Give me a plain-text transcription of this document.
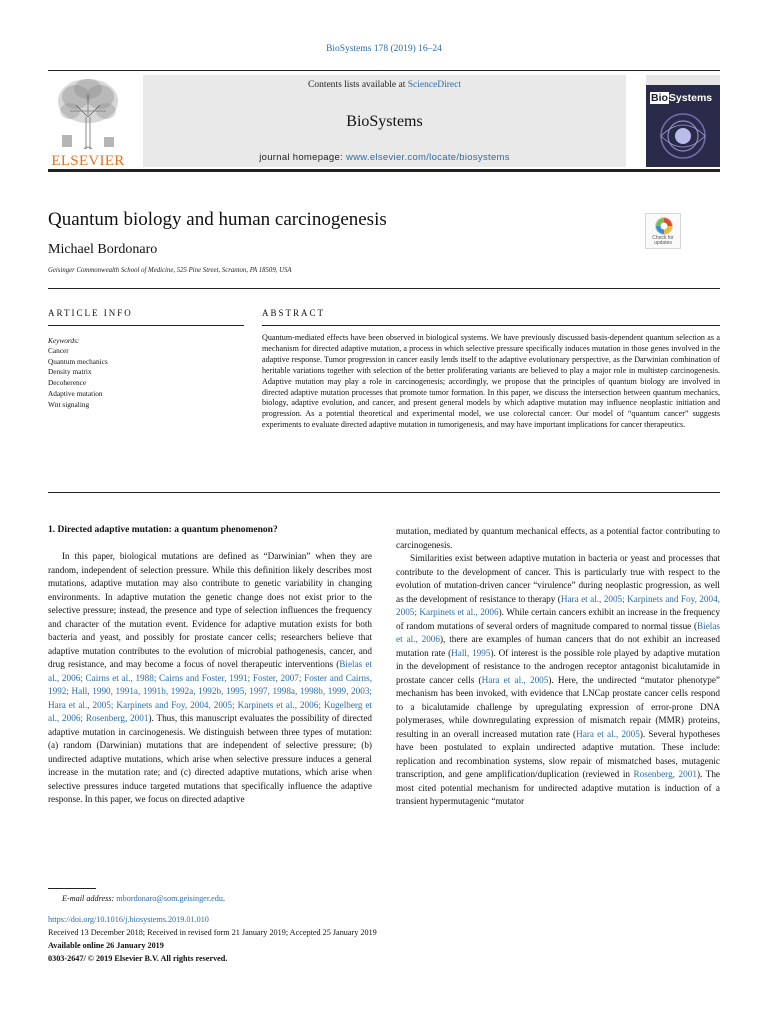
BioSystems 178 (2019) 16–24
ELSEVIER
Contents lists available at ScienceDirect
BioSystems
journal homepage: www.elsevier.com/locate/biosystems
BioSystems
Quantum biology and human carcinogenesis
Check for
updates
Michael Bordonaro
Geisinger Commonwealth School of Medicine, 525 Pine Street, Scranton, PA 18509, USA
ARTICLE INFO
Keywords:
Cancer
Quantum mechanics
Density matrix
Decoherence
Adaptive mutation
Wnt signaling
ABSTRACT

Quantum-mediated effects have been observed in biological systems. We have previously discussed basis-dependent quantum selection as a mechanism for directed adaptive mutation, a process in which selective pressure specifically induces mutation in those genes involved in the adaptive response. Tumor progression in cancer easily lends itself to the adaptive evolutionary perspective, as the Darwinian combination of heritable variations together with selection of the better proliferating variants are believed to play a major role in multistep carcinogenesis. Adaptive mutation may play a role in carcinogenesis; accordingly, we propose that the principles of quantum biology are involved in directed adaptive mutation processes that promote tumor formation. In this paper, we discuss the intersection between quantum mechanics, biology, adaptive evolution, and cancer, and present general models by which adaptive mutation may influence neoplastic initiation and progression. As a potential theoretical and experimental model, we use colorectal cancer. Our model of “quantum cancer” suggests experiments to evaluate directed adaptive mutation in tumorigenesis, and may have important implications for cancer therapeutics.

1. Directed adaptive mutation: a quantum phenomenon?

In this paper, biological mutations are defined as “Darwinian” when they are random, independent of selection pressure. While this definition likely describes most mutations, adaptive mutation may also contribute to genetic variability in changing environments. In adaptive mutation the genetic change does not exist prior to the selective pressure; instead, the presence and type of selection influences the frequency and character of the mutation event. Evidence for adaptive mutation exists for both bacteria and yeast, and possibly for prostate cancer cells; researchers believe that adaptive mutation contributes to the evolution of microbial pathogenesis, cancer, and drug resistance, and may become a focus of novel therapeutic interventions (Bielas et al., 2006; Cairns et al., 1988; Cairns and Foster, 1991; Foster, 2007; Foster and Cairns, 1992; Hall, 1990, 1991a, 1991b, 1992a, 1992b, 1995, 1997, 1998a, 1998b, 1999, 2003; Hara et al., 2005; Karpinets and Foy, 2004, 2005; Karpinets et al., 2006; Kugelberg et al., 2006; Rosenberg, 2001). Thus, this manuscript evaluates the possibility of directed adaptive mutation in carcinogenesis. We distinguish between three types of mutation: (a) random (Darwinian) mutations that are independent of selective pressure; (b) undirected adaptive mutations, which arise when selective pressure induces a general increase in the mutation rate; and (c) directed adaptive mutations, which arise when selective pressures induce targeted mutations that specifically influence the adaptive response. In this paper, we focus on directed adaptive

mutation, mediated by quantum mechanical effects, as a potential factor contributing to carcinogenesis.

Similarities exist between adaptive mutation in bacteria or yeast and processes that contribute to the development of cancer. This is particularly true with respect to the evolution of mutation-driven cancer “virulence” during neoplastic progression, as well as the development of resistance to therapy (Hara et al., 2005; Karpinets and Foy, 2004, 2005; Karpinets et al., 2006). While certain cancers exhibit an increase in the frequency of random mutations of several orders of magnitude compared to normal tissue (Bielas et al., 2006), there are examples of human cancers that do not exhibit an increased mutation rate (Hall, 1995). Of interest is the possible role played by adaptive mutation in the development of resistance to the androgen receptor antagonist bicalutamide in prostate cancer cells (Hara et al., 2005). Here, the undirected “mutator phenotype” mechanism has been invoked, with evidence that LNCap prostate cancer cells respond to a bicalutamide challenge by upregulating expression of error-prone DNA polymerases, while downregulating expression of mismatch repair (MMR) proteins, resulting in an overall increased mutation rate (Hara et al., 2005). Several hypotheses have been postulated to explain undirected adaptive mutation. These include: replication and recombination systems, slow repair of mismatched bases, mutagenic transcription, and gene amplification/duplication (reviewed in Rosenberg, 2001). The most cited potential mechanism for undirected adaptive mutation is induction of a transient hypermutagenic “mutator

E-mail address: mbordonaro@som.geisinger.edu.
https://doi.org/10.1016/j.biosystems.2019.01.010
Received 13 December 2018; Received in revised form 21 January 2019; Accepted 25 January 2019
Available online 26 January 2019
0303-2647/ © 2019 Elsevier B.V. All rights reserved.
